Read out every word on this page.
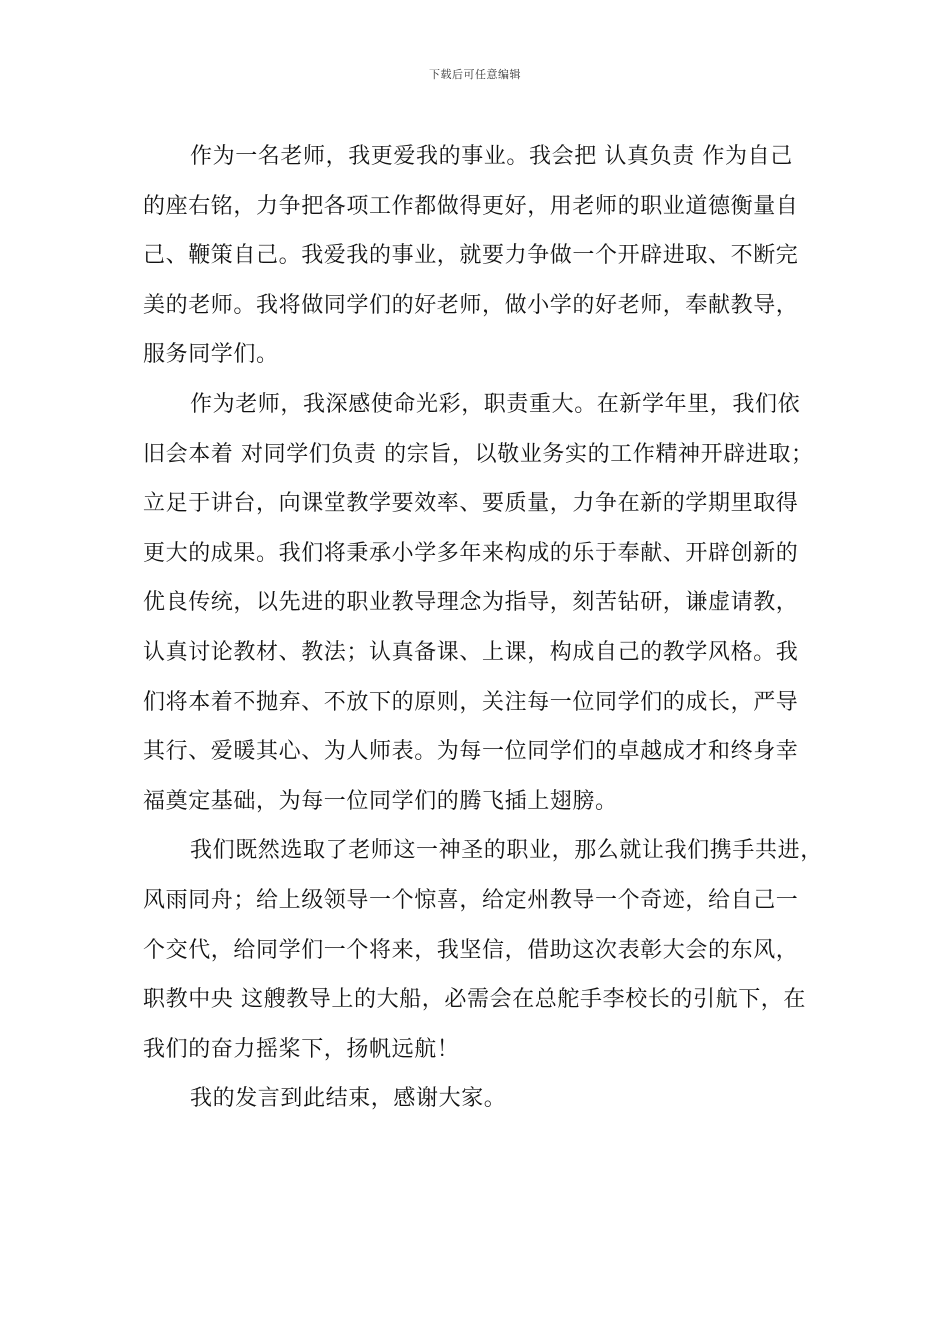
下载后可任意编辑
作为一名老师，我更爱我的事业。我会把 认真负责 作为自己
的座右铭，力争把各项工作都做得更好，用老师的职业道德衡量自
己、鞭策自己。我爱我的事业，就要力争做一个开辟进取、不断完
美的老师。我将做同学们的好老师，做小学的好老师，奉献教导，
服务同学们。
作为老师，我深感使命光彩，职责重大。在新学年里，我们依
旧会本着 对同学们负责 的宗旨，以敬业务实的工作精神开辟进取；
立足于讲台，向课堂教学要效率、要质量，力争在新的学期里取得
更大的成果。我们将秉承小学多年来构成的乐于奉献、开辟创新的
优良传统，以先进的职业教导理念为指导，刻苦钻研，谦虚请教，
认真讨论教材、教法；认真备课、上课，构成自己的教学风格。我
们将本着不抛弃、不放下的原则，关注每一位同学们的成长，严导
其行、爱暖其心、为人师表。为每一位同学们的卓越成才和终身幸
福奠定基础，为每一位同学们的腾飞插上翅膀。
我们既然选取了老师这一神圣的职业，那么就让我们携手共进，
风雨同舟；给上级领导一个惊喜，给定州教导一个奇迹，给自己一
个交代，给同学们一个将来，我坚信，借助这次表彰大会的东风，
职教中央 这艘教导上的大船，必需会在总舵手李校长的引航下，在
我们的奋力摇桨下，扬帆远航！
我的发言到此结束，感谢大家。
